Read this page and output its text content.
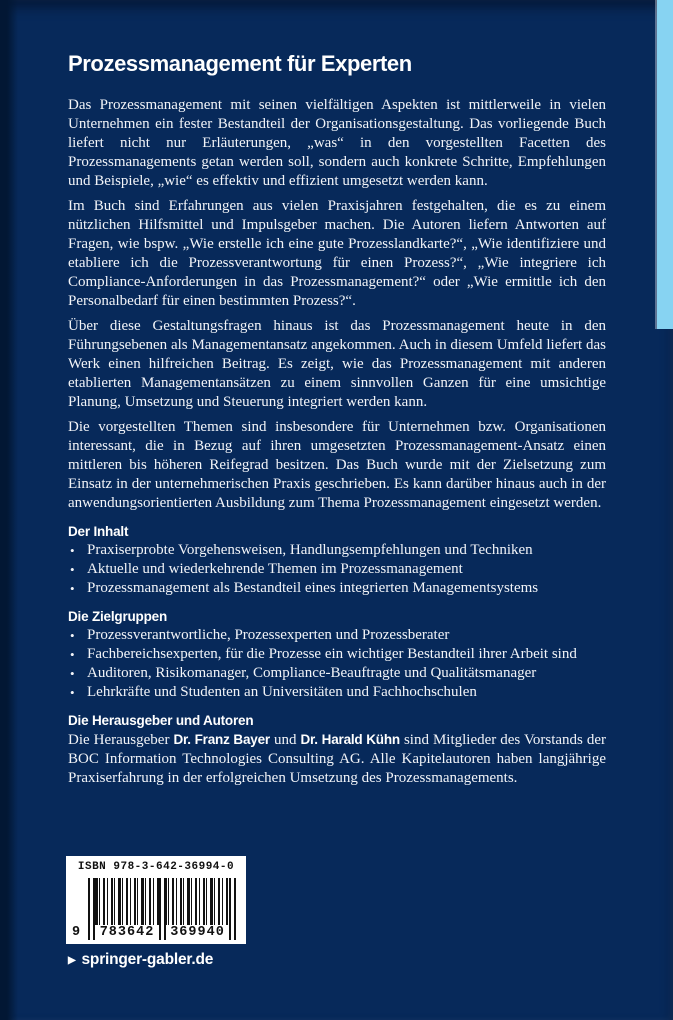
Prozessmanagement für Experten

Das Prozessmanagement mit seinen vielfältigen Aspekten ist mittlerweile in vielen Unternehmen ein fester Bestandteil der Organisationsgestaltung. Das vorliegende Buch liefert nicht nur Erläuterungen, „was“ in den vorgestellten Facetten des Prozessmanagements getan werden soll, sondern auch konkrete Schritte, Empfehlungen und Beispiele, „wie“ es effektiv und effizient umgesetzt werden kann.

Im Buch sind Erfahrungen aus vielen Praxisjahren festgehalten, die es zu einem nützlichen Hilfsmittel und Impulsgeber machen. Die Autoren liefern Antworten auf Fragen, wie bspw. „Wie erstelle ich eine gute Prozesslandkarte?“, „Wie identifiziere und etabliere ich die Prozessverantwortung für einen Prozess?“, „Wie integriere ich Compliance-Anforderungen in das Prozessmanagement?“ oder „Wie ermittle ich den Personalbedarf für einen bestimmten Prozess?“.

Über diese Gestaltungsfragen hinaus ist das Prozessmanagement heute in den Führungsebenen als Managementansatz angekommen. Auch in diesem Umfeld liefert das Werk einen hilfreichen Beitrag. Es zeigt, wie das Prozessmanagement mit anderen etablierten Managementansätzen zu einem sinnvollen Ganzen für eine umsichtige Planung, Umsetzung und Steuerung integriert werden kann.

Die vorgestellten Themen sind insbesondere für Unternehmen bzw. Organisationen interessant, die in Bezug auf ihren umgesetzten Prozessmanagement-Ansatz einen mittleren bis höheren Reifegrad besitzen. Das Buch wurde mit der Zielsetzung zum Einsatz in der unternehmerischen Praxis geschrieben. Es kann darüber hinaus auch in der anwendungsorientierten Ausbildung zum Thema Prozessmanagement eingesetzt werden.

Der Inhalt
• Praxiserprobte Vorgehensweisen, Handlungsempfehlungen und Techniken
• Aktuelle und wiederkehrende Themen im Prozessmanagement
• Prozessmanagement als Bestandteil eines integrierten Managementsystems
Die Zielgruppen
• Prozessverantwortliche, Prozessexperten und Prozessberater
• Fachbereichsexperten, für die Prozesse ein wichtiger Bestandteil ihrer Arbeit sind
• Auditoren, Risikomanager, Compliance-Beauftragte und Qualitätsmanager
• Lehrkräfte und Studenten an Universitäten und Fachhochschulen
Die Herausgeber und Autoren

Die Herausgeber Dr. Franz Bayer und Dr. Harald Kühn sind Mitglieder des Vorstands der BOC Information Technologies Consulting AG. Alle Kapitelautoren haben langjährige Praxiserfahrung in der erfolgreichen Umsetzung des Prozessmanagements.

ISBN 978-3-642-36994-0
9 783642 369940
▶ springer-gabler.de
